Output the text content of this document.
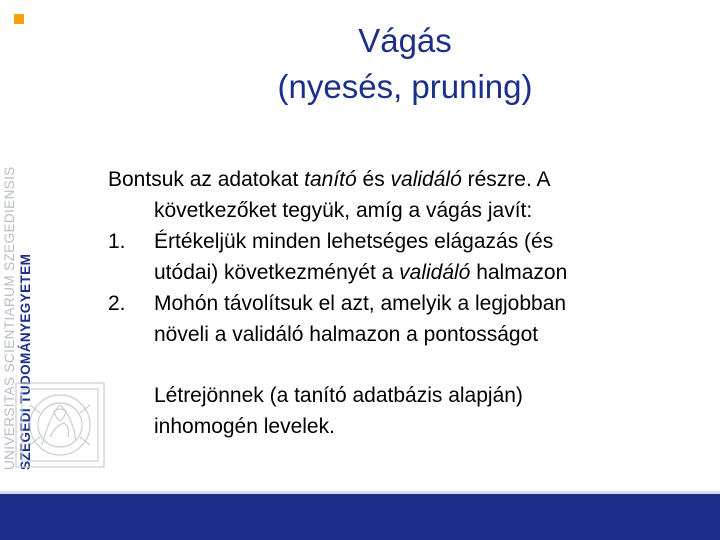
UNIVERSITAS SCIENTIARUM SZEGEDIENSIS SZEGEDI TUDOMÁNYEGYETEM
Vágás
(nyesés, pruning)
Bontsuk az adatokat tanító és validáló részre. A
következőket tegyük, amíg a vágás javít:
1. Értékeljük minden lehetséges elágazás (és
utódai) következményét a validáló halmazon
2. Mohón távolítsuk el azt, amelyik a legjobban
növeli a validáló halmazon a pontosságot
Létrejönnek (a tanító adatbázis alapján)
inhomogén levelek.
